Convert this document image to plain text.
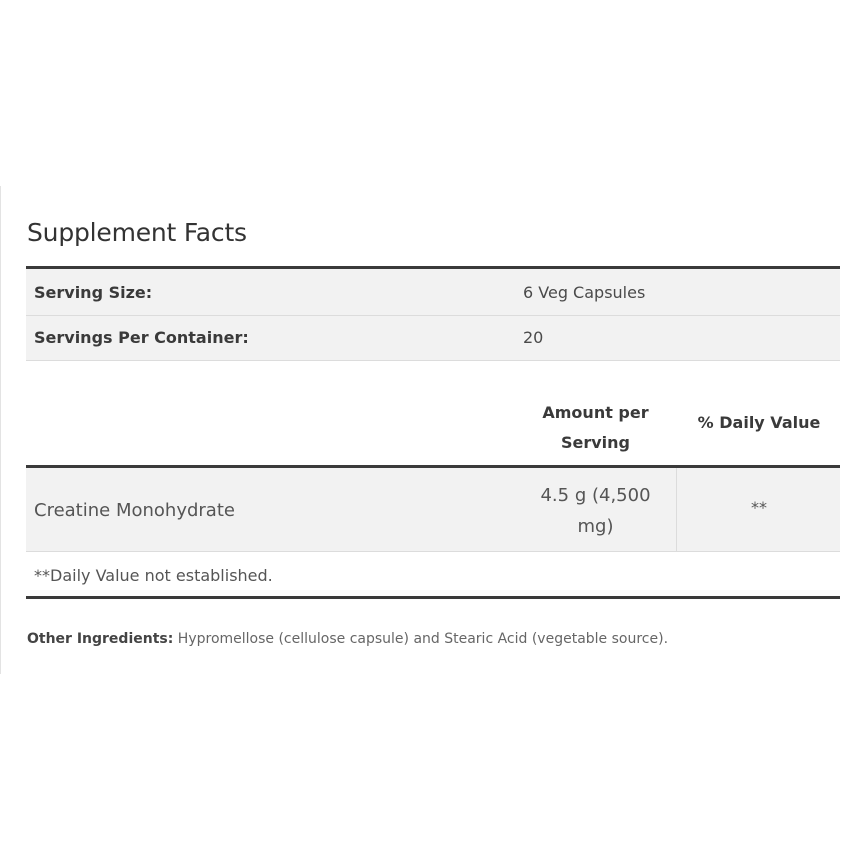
Supplement Facts
Serving Size:	6 Veg Capsules
Servings Per Container:	20
Amount per
Serving
% Daily Value
Creatine Monohydrate
4.5 g (4,500
mg)
**
**Daily Value not established.

Other Ingredients: Hypromellose (cellulose capsule) and Stearic Acid (vegetable source).
